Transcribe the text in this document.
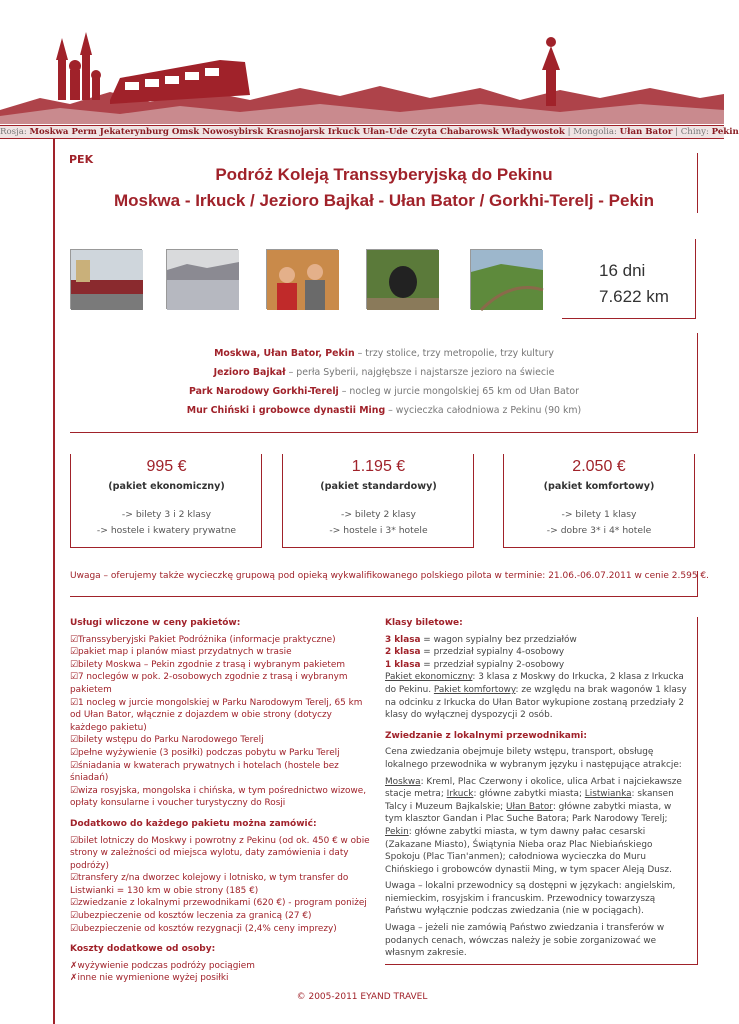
Rosja: Moskwa Perm Jekaterynburg Omsk Nowosybirsk Krasnojarsk Irkuck Ułan-Ude Czyta Chabarowsk Władywostok | Mongolia: Ułan Bator | Chiny: Pekin
PEK
Podróż Koleją Transsyberyjską do Pekinu
Moskwa - Irkuck / Jezioro Bajkał - Ułan Bator / Gorkhi-Terelj - Pekin
16 dni
7.622 km
Moskwa, Ułan Bator, Pekin – trzy stolice, trzy metropolie, trzy kultury
Jezioro Bajkał – perła Syberii, najgłębsze i najstarsze jezioro na świecie
Park Narodowy Gorkhi-Terelj – nocleg w jurcie mongolskiej 65 km od Ułan Bator
Mur Chiński i grobowce dynastii Ming – wycieczka całodniowa z Pekinu (90 km)
995 €
(pakiet ekonomiczny)
-> bilety 3 i 2 klasy
-> hostele i kwatery prywatne
1.195 €
(pakiet standardowy)
-> bilety 2 klasy
-> hostele i 3* hotele
2.050 €
(pakiet komfortowy)
-> bilety 1 klasy
-> dobre 3* i 4* hotele
Uwaga – oferujemy także wycieczkę grupową pod opieką wykwalifikowanego polskiego pilota w terminie: 21.06.-06.07.2011 w cenie 2.595 €.
Usługi wliczone w ceny pakietów:

☑ Transsyberyjski Pakiet Podróżnika (informacje praktyczne)

☑ pakiet map i planów miast przydatnych w trasie

☑ bilety Moskwa – Pekin zgodnie z trasą i wybranym pakietem

☑ 7 noclegów w pok. 2-osobowych zgodnie z trasą i wybranym pakietem

☑ 1 nocleg w jurcie mongolskiej w Parku Narodowym Terelj, 65 km od Ułan Bator, włącznie z dojazdem w obie strony (dotyczy każdego pakietu)

☑ bilety wstępu do Parku Narodowego Terelj

☑ pełne wyżywienie (3 posiłki) podczas pobytu w Parku Terelj

☑ śniadania w kwaterach prywatnych i hotelach (hostele bez śniadań)

☑ wiza rosyjska, mongolska i chińska, w tym pośrednictwo wizowe, opłaty konsularne i voucher turystyczny do Rosji

Dodatkowo do każdego pakietu można zamówić:

☑ bilet lotniczy do Moskwy i powrotny z Pekinu (od ok. 450 € w obie strony w zależności od miejsca wylotu, daty zamówienia i daty podróży)

☑ transfery z/na dworzec kolejowy i lotnisko, w tym transfer do Listwianki = 130 km w obie strony (185 €)

☑ zwiedzanie z lokalnymi przewodnikami (620 €) - program poniżej

☑ ubezpieczenie od kosztów leczenia za granicą (27 €)

☑ ubezpieczenie od kosztów rezygnacji (2,4% ceny imprezy)

Koszty dodatkowe od osoby:

✗ wyżywienie podczas podróży pociągiem

✗ inne nie wymienione wyżej posiłki

Klasy biletowe:

3 klasa = wagon sypialny bez przedziałów

2 klasa = przedział sypialny 4-osobowy

1 klasa = przedział sypialny 2-osobowy

Pakiet ekonomiczny: 3 klasa z Moskwy do Irkucka, 2 klasa z Irkucka do Pekinu. Pakiet komfortowy: ze względu na brak wagonów 1 klasy na odcinku z Irkucka do Ułan Bator wykupione zostaną przedziały 2 klasy do wyłącznej dyspozycji 2 osób.

Zwiedzanie z lokalnymi przewodnikami:

Cena zwiedzania obejmuje bilety wstępu, transport, obsługę lokalnego przewodnika w wybranym języku i następujące atrakcje:

Moskwa: Kreml, Plac Czerwony i okolice, ulica Arbat i najciekawsze stacje metra; Irkuck: główne zabytki miasta; Listwianka: skansen Talcy i Muzeum Bajkalskie; Ułan Bator: główne zabytki miasta, w tym klasztor Gandan i Plac Suche Batora; Park Narodowy Terelj; Pekin: główne zabytki miasta, w tym dawny pałac cesarski (Zakazane Miasto), Świątynia Nieba oraz Plac Niebiańskiego Spokoju (Plac Tian'anmen); całodniowa wycieczka do Muru Chińskiego i grobowców dynastii Ming, w tym spacer Aleją Dusz.

Uwaga – lokalni przewodnicy są dostępni w językach: angielskim, niemieckim, rosyjskim i francuskim. Przewodnicy towarzyszą Państwu wyłącznie podczas zwiedzania (nie w pociągach).

Uwaga – jeżeli nie zamówią Państwo zwiedzania i transferów w podanych cenach, wówczas należy je sobie zorganizować we własnym zakresie.

© 2005-2011 EYAND TRAVEL
